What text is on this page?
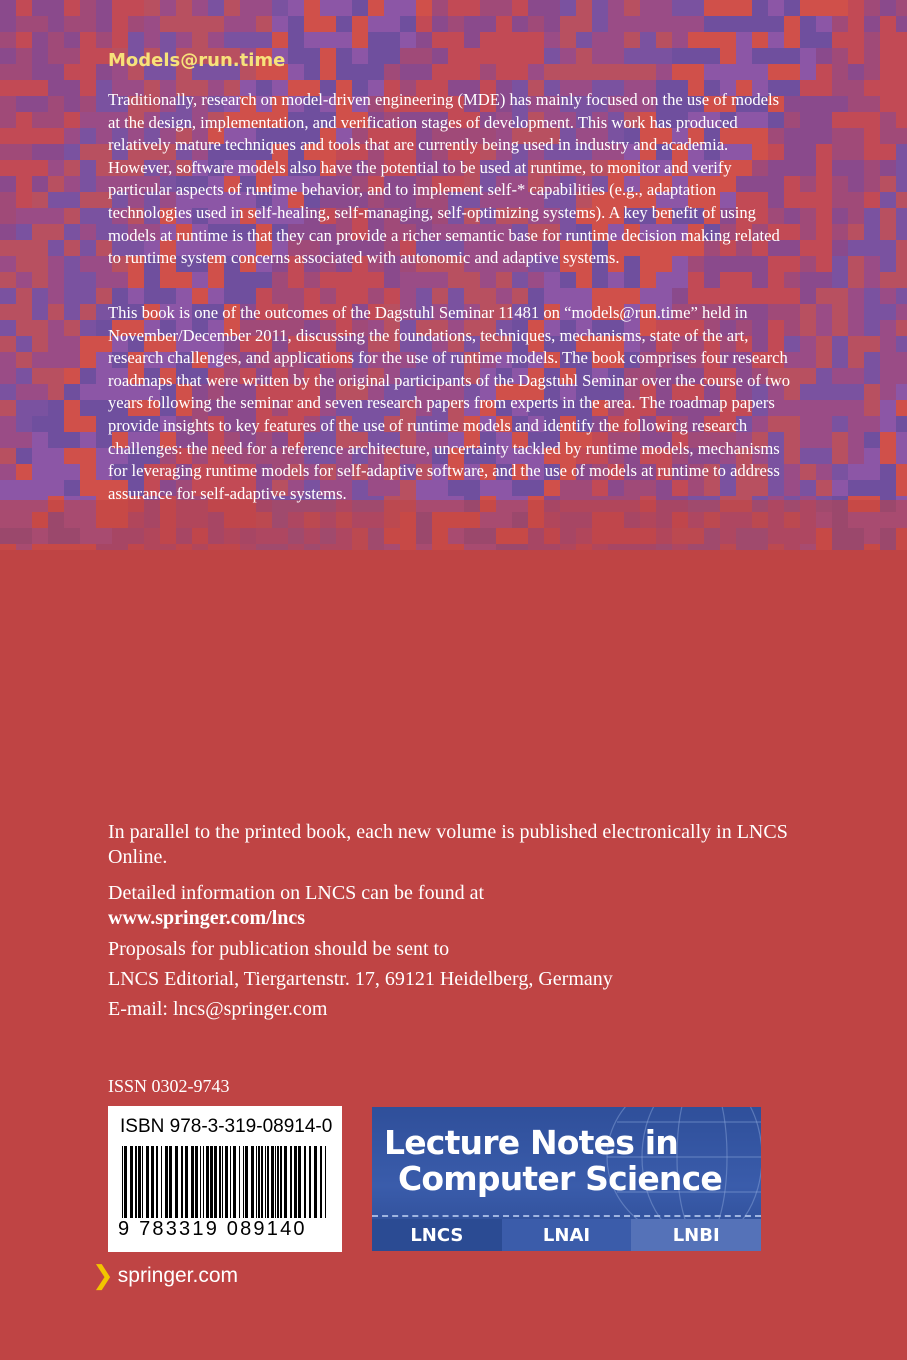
Models@run.time

Traditionally, research on model-driven engineering (MDE) has mainly focused on the use of models at the design, implementation, and verification stages of development. This work has produced relatively mature techniques and tools that are currently being used in industry and academia. However, software models also have the potential to be used at runtime, to monitor and verify particular aspects of runtime behavior, and to implement self-* capabilities (e.g., adaptation technologies used in self-healing, self-managing, self-optimizing systems). A key benefit of using models at runtime is that they can provide a richer semantic base for runtime decision making related to runtime system concerns associated with autonomic and adaptive systems.

This book is one of the outcomes of the Dagstuhl Seminar 11481 on “models@run.time” held in November/December 2011, discussing the foundations, techniques, mechanisms, state of the art, research challenges, and applications for the use of runtime models. The book comprises four research roadmaps that were written by the original participants of the Dagstuhl Seminar over the course of two years following the seminar and seven research papers from experts in the area. The roadmap papers provide insights to key features of the use of runtime models and identify the following research challenges: the need for a reference architecture, uncertainty tackled by runtime models, mechanisms for leveraging runtime models for self-adaptive software, and the use of models at runtime to address assurance for self-adaptive systems.

In parallel to the printed book, each new volume is published electronically in LNCS Online.

Detailed information on LNCS can be found at

www.springer.com/lncs

Proposals for publication should be sent to

LNCS Editorial, Tiergartenstr. 17, 69121 Heidelberg, Germany

E-mail: lncs@springer.com

ISSN 0302-9743

ISBN 978-3-319-08914-0

9 783319 089140

Lecture Notes in

Computer Science

LNCS	LNAI	LNBI
❯ springer.com
